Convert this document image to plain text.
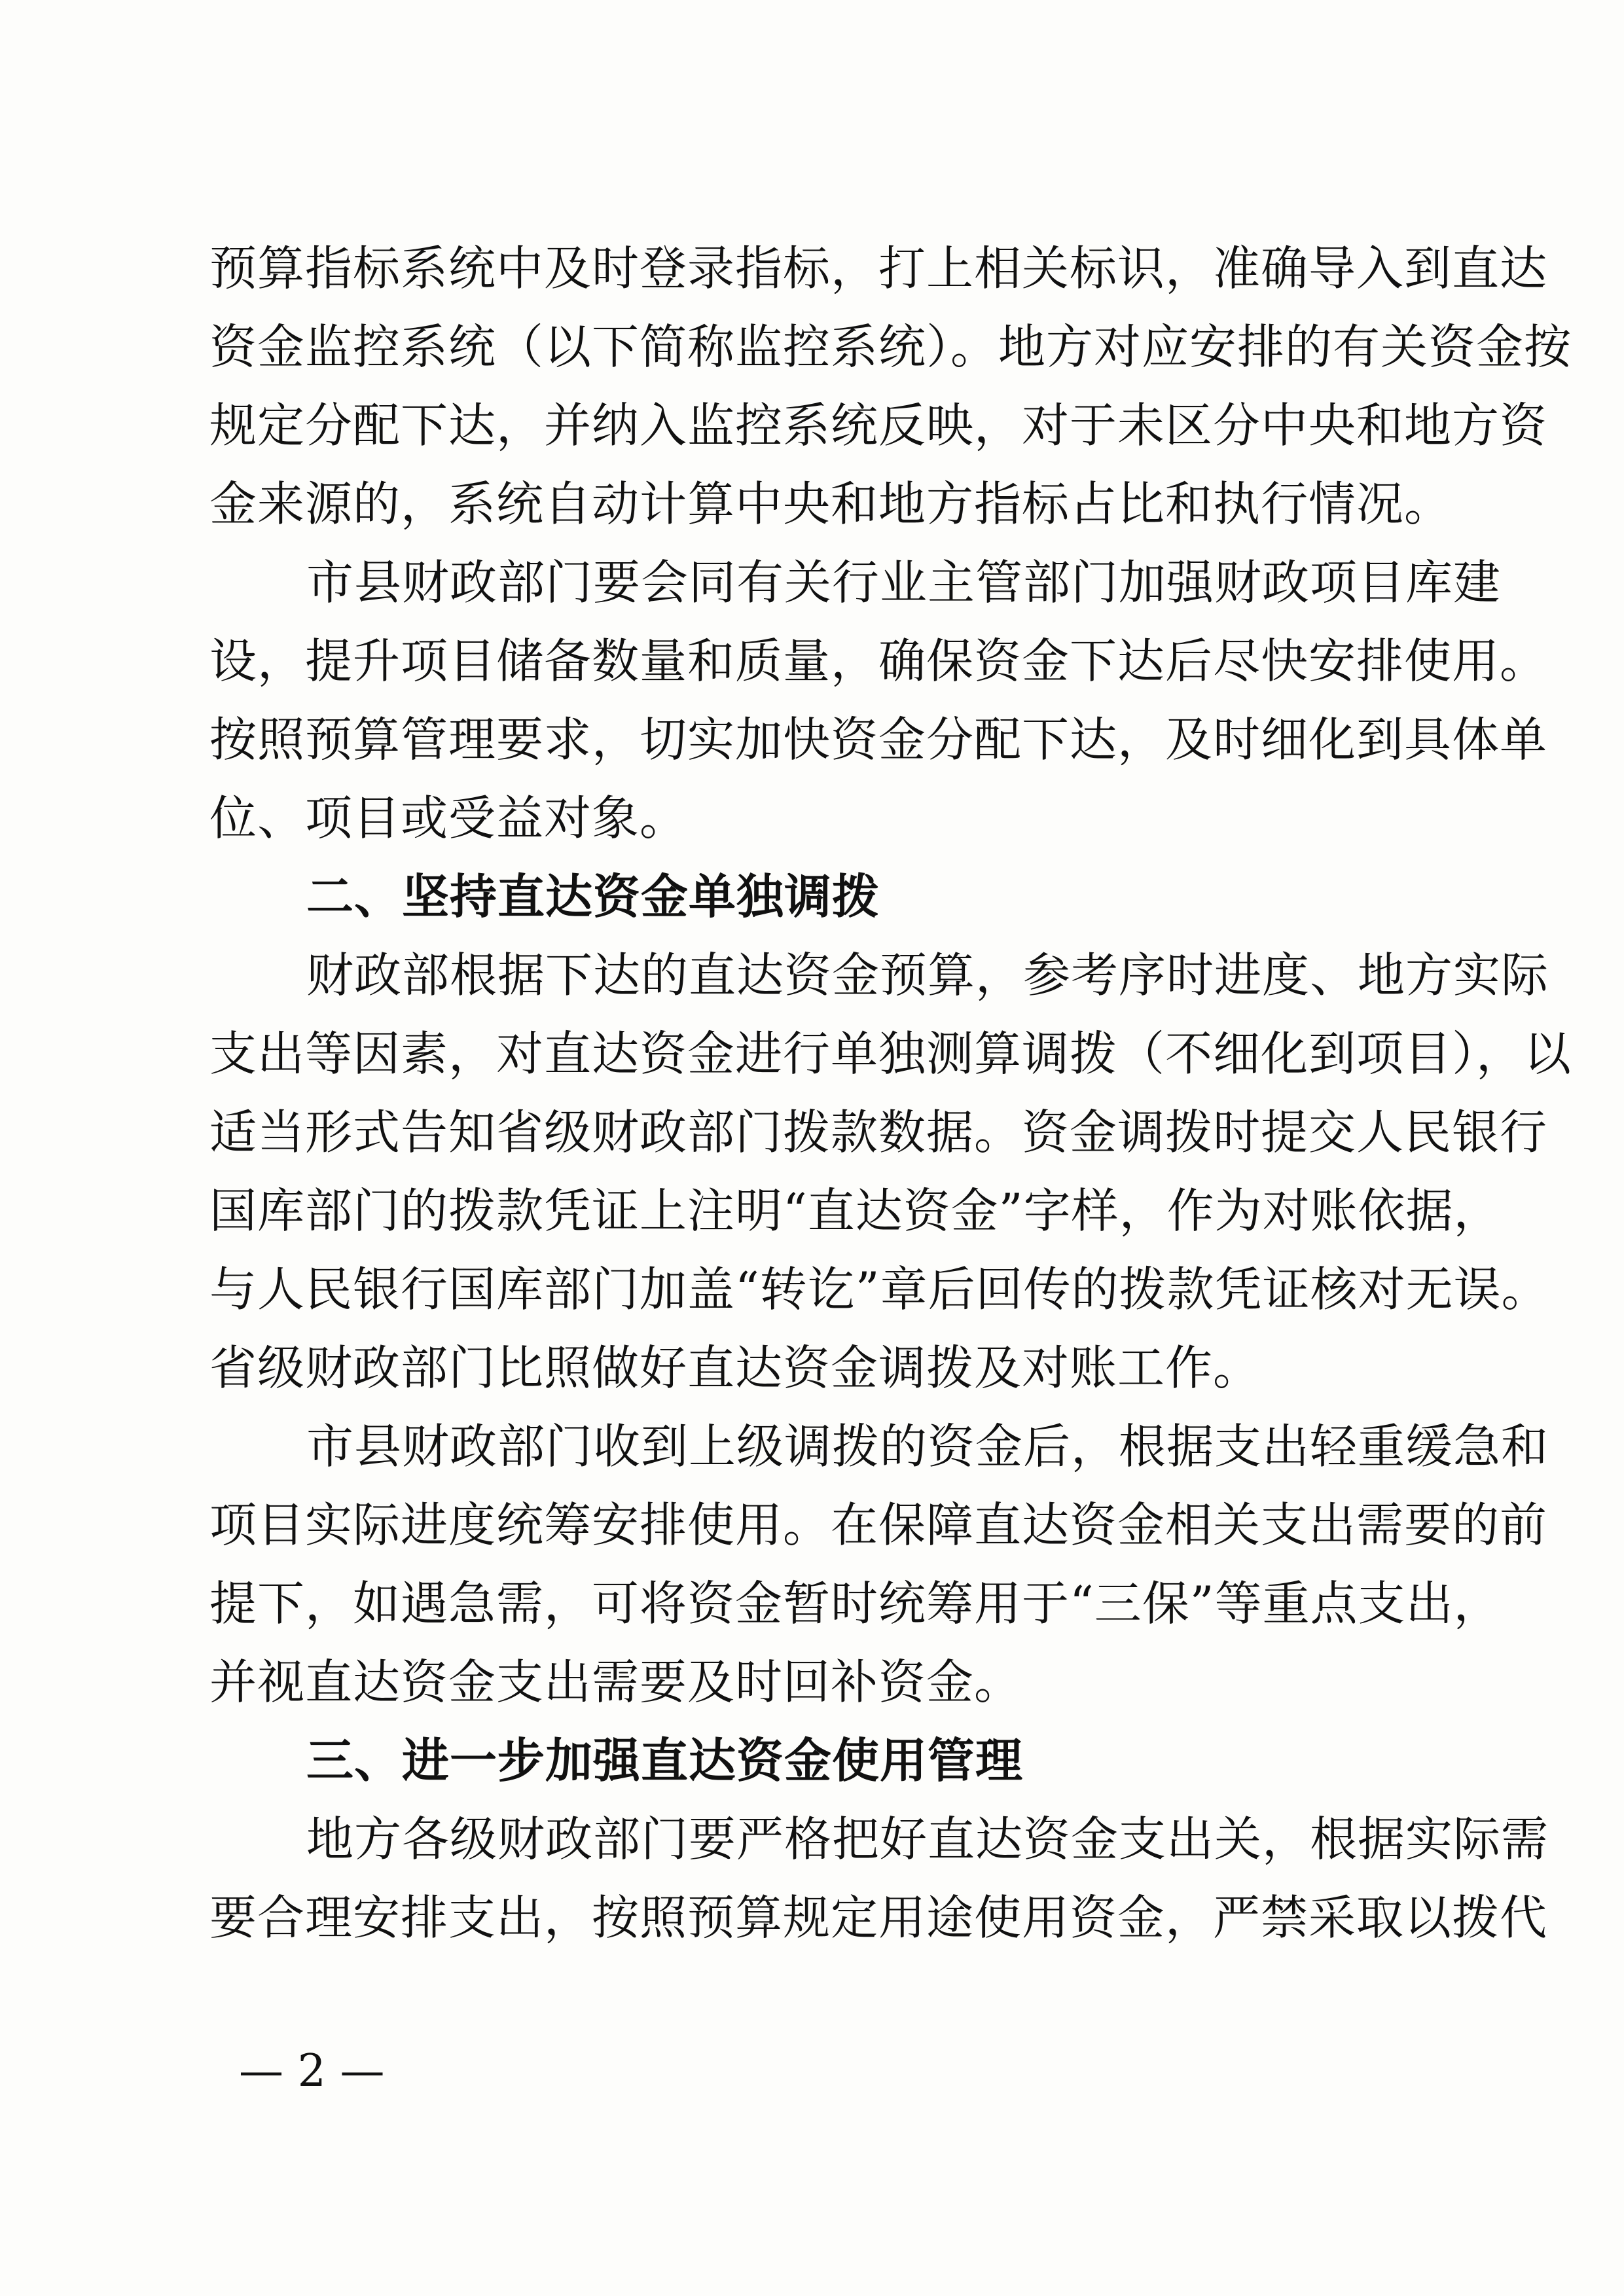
预算指标系统中及时登录指标，打上相关标识，准确导入到直达
资金监控系统（以下简称监控系统）。地方对应安排的有关资金按
规定分配下达，并纳入监控系统反映，对于未区分中央和地方资
金来源的，系统自动计算中央和地方指标占比和执行情况。
市县财政部门要会同有关行业主管部门加强财政项目库建
设，提升项目储备数量和质量，确保资金下达后尽快安排使用。
按照预算管理要求，切实加快资金分配下达，及时细化到具体单
位、项目或受益对象。
二、坚持直达资金单独调拨
财政部根据下达的直达资金预算，参考序时进度、地方实际
支出等因素，对直达资金进行单独测算调拨（不细化到项目），以
适当形式告知省级财政部门拨款数据。资金调拨时提交人民银行
国库部门的拨款凭证上注明“直达资金”字样，作为对账依据，
与人民银行国库部门加盖“转讫”章后回传的拨款凭证核对无误。
省级财政部门比照做好直达资金调拨及对账工作。
市县财政部门收到上级调拨的资金后，根据支出轻重缓急和
项目实际进度统筹安排使用。在保障直达资金相关支出需要的前
提下，如遇急需，可将资金暂时统筹用于“三保”等重点支出，
并视直达资金支出需要及时回补资金。
三、进一步加强直达资金使用管理
地方各级财政部门要严格把好直达资金支出关，根据实际需
要合理安排支出，按照预算规定用途使用资金，严禁采取以拨代
— 2 —
